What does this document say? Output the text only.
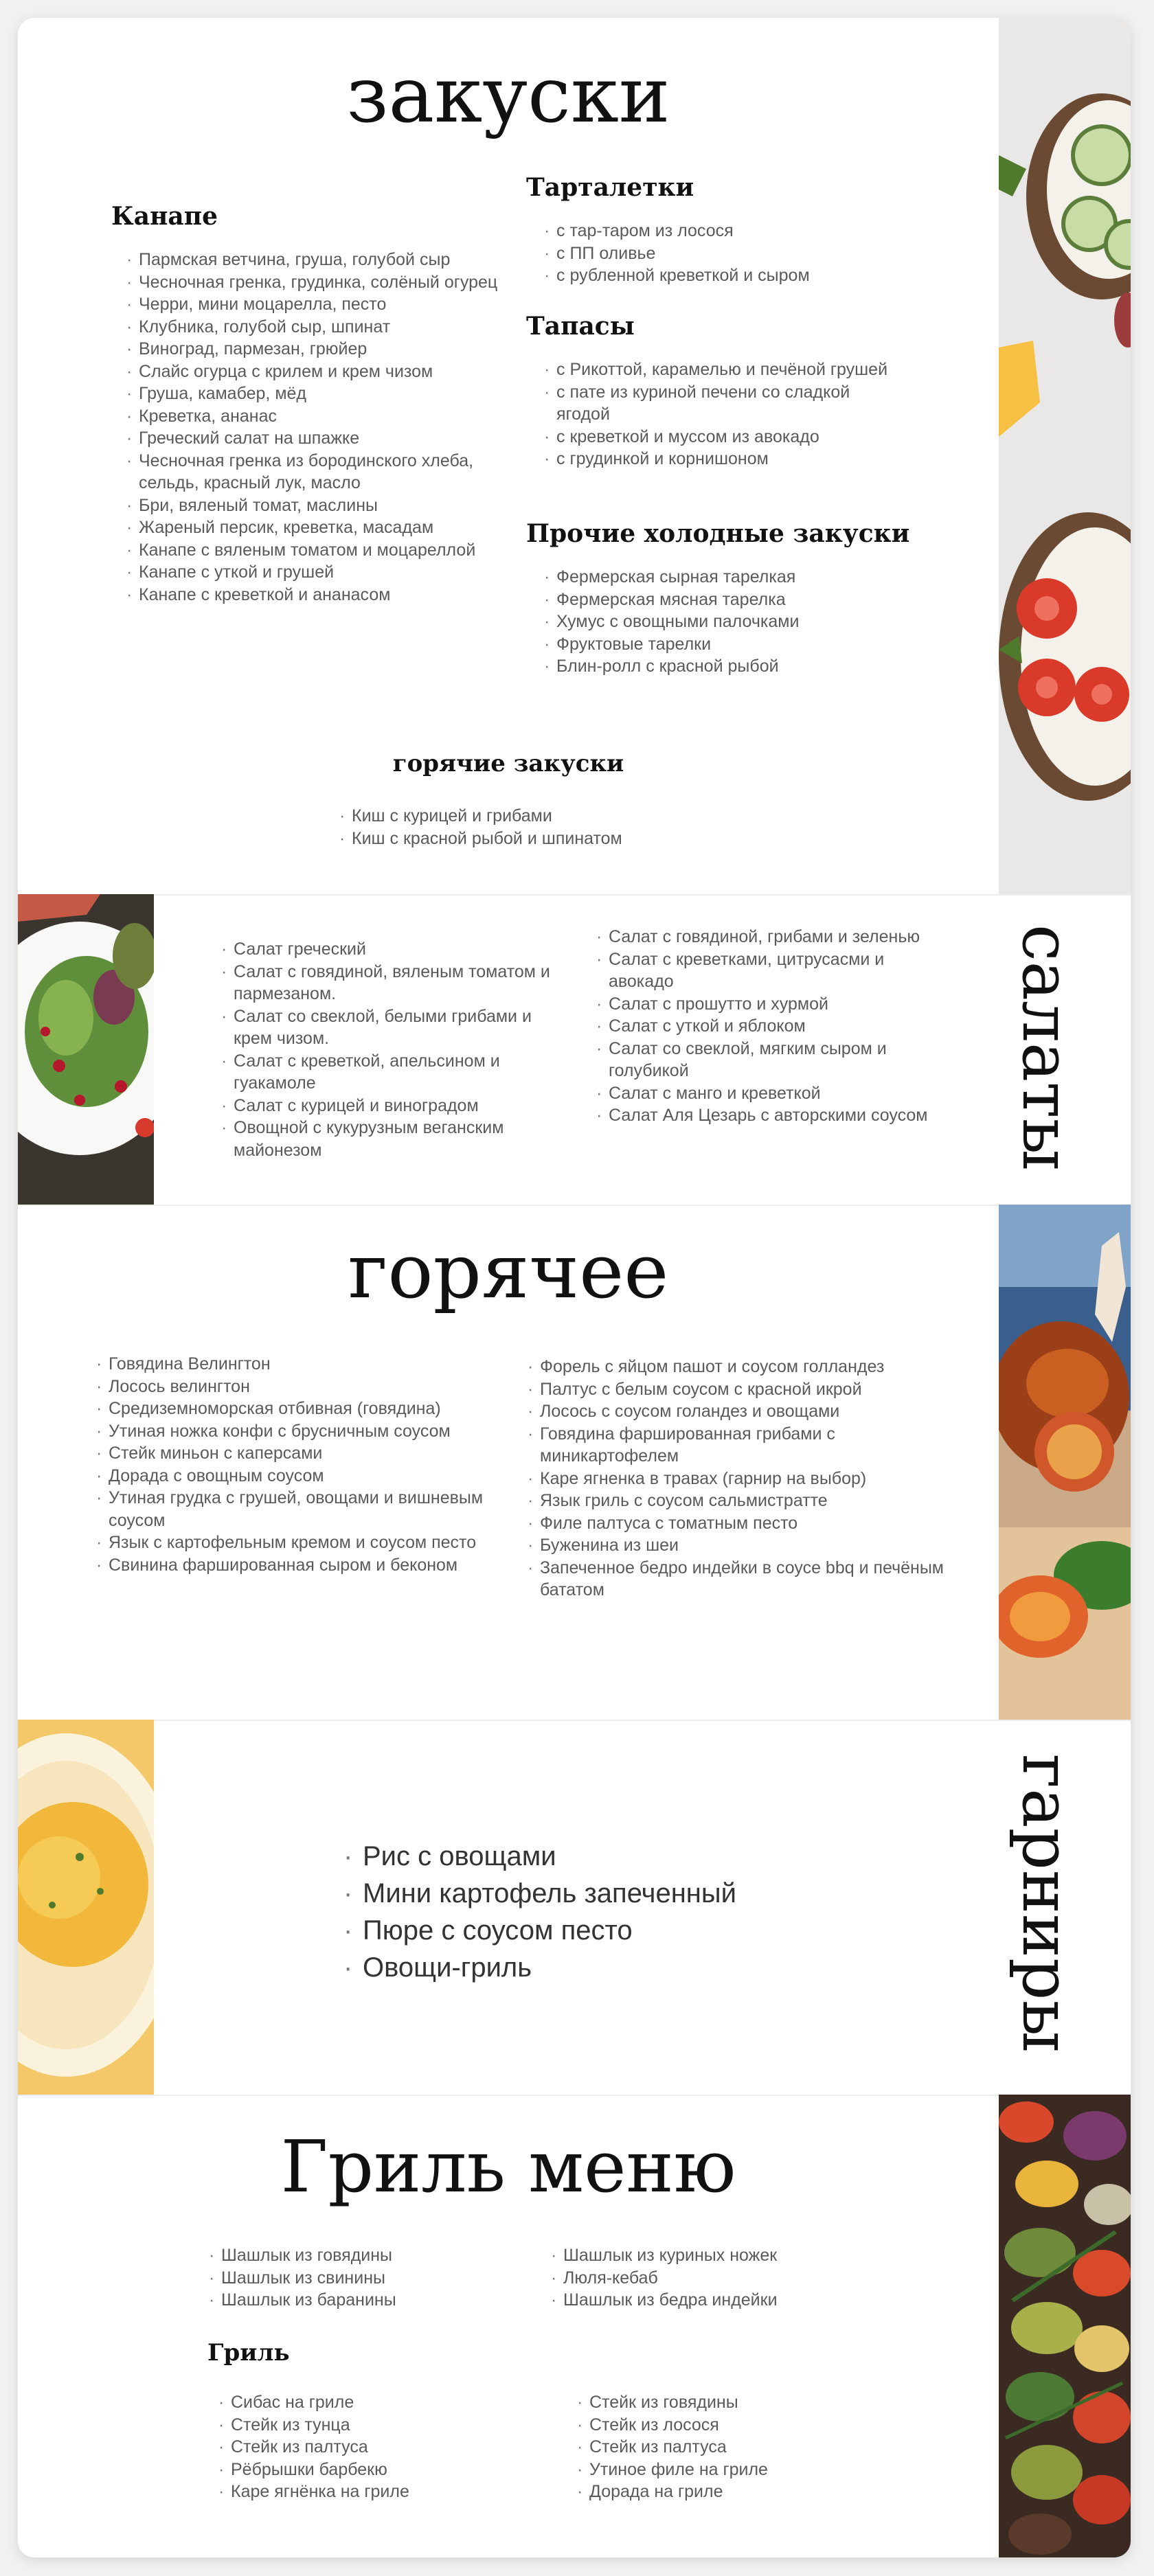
закуски
Канапе
· Пармская ветчина, груша, голубой сыр
· Чесночная гренка, грудинка, солёный огурец
· Черри, мини моцарелла, песто
· Клубника, голубой сыр, шпинат
· Виноград, пармезан, грюйер
· Слайс огурца с крилем и крем чизом
· Груша, камабер, мёд
· Креветка, ананас
· Греческий салат на шпажке
· Чесночная гренка из бородинского хлеба, сельдь, красный лук, масло
· Бри, вяленый томат, маслины
· Жареный персик, креветка, масадам
· Канапе с вяленым томатом и моцареллой
· Канапе с уткой и грушей
· Канапе с креветкой и ананасом
Тарталетки
· с тар-таром из лосося
· с ПП оливье
· с рубленной креветкой и сыром
Тапасы
· с Рикоттой, карамелью и печёной грушей
· с пате из куриной печени со сладкой ягодой
· с креветкой и муссом из авокадо
· с грудинкой и корнишоном
Прочие холодные закуски
· Фермерская сырная тарелкая
· Фермерская мясная тарелка
· Хумус с овощными палочками
· Фруктовые тарелки
· Блин-ролл с красной рыбой
горячие закуски
· Киш с курицей и грибами
· Киш с красной рыбой и шпинатом
· Салат греческий
· Салат с говядиной, вяленым томатом и пармезаном.
· Салат со свеклой, белыми грибами и крем чизом.
· Салат с креветкой, апельсином и гуакамоле
· Салат с курицей и виноградом
· Овощной с кукурузным веганским майонезом
· Салат с говядиной, грибами и зеленью
· Салат с креветками, цитрусасми и авокадо
· Салат с прошутто и хурмой
· Салат с уткой и яблоком
· Салат со свеклой, мягким сыром и голубикой
· Салат с манго и креветкой
· Салат Аля Цезарь с авторскими соусом	салаты
горячее
· Говядина Велингтон
· Лосось велингтон
· Средиземноморская отбивная (говядина)
· Утиная ножка конфи с брусничным соусом
· Стейк миньон с каперсами
· Дорада с овощным соусом
· Утиная грудка с грушей, овощами и вишневым соусом
· Язык с картофельным кремом и соусом песто
· Свинина фаршированная сыром и беконом
· Форель с яйцом пашот и соусом голландез
· Палтус с белым соусом с красной икрой
· Лосось с соусом голандез и овощами
· Говядина фаршированная грибами с миникартофелем
· Каре ягненка в травах (гарнир на выбор)
· Язык гриль с соусом сальмистратте
· Филе палтуса с томатным песто
· Буженина из шеи
· Запеченное бедро индейки в соусе bbq и печёным бататом
· Рис с овощами
· Мини картофель запеченный
· Пюре с соусом песто
· Овощи-гриль	гарниры
Гриль меню
· Шашлык из говядины
· Шашлык из свинины
· Шашлык из баранины
· Шашлык из куриных ножек
· Люля-кебаб
· Шашлык из бедра индейки
Гриль
· Сибас на гриле
· Стейк из тунца
· Стейк из палтуса
· Рёбрышки барбекю
· Каре ягнёнка на гриле
· Стейк из говядины
· Стейк из лосося
· Стейк из палтуса
· Утиное филе на гриле
· Дорада на гриле
